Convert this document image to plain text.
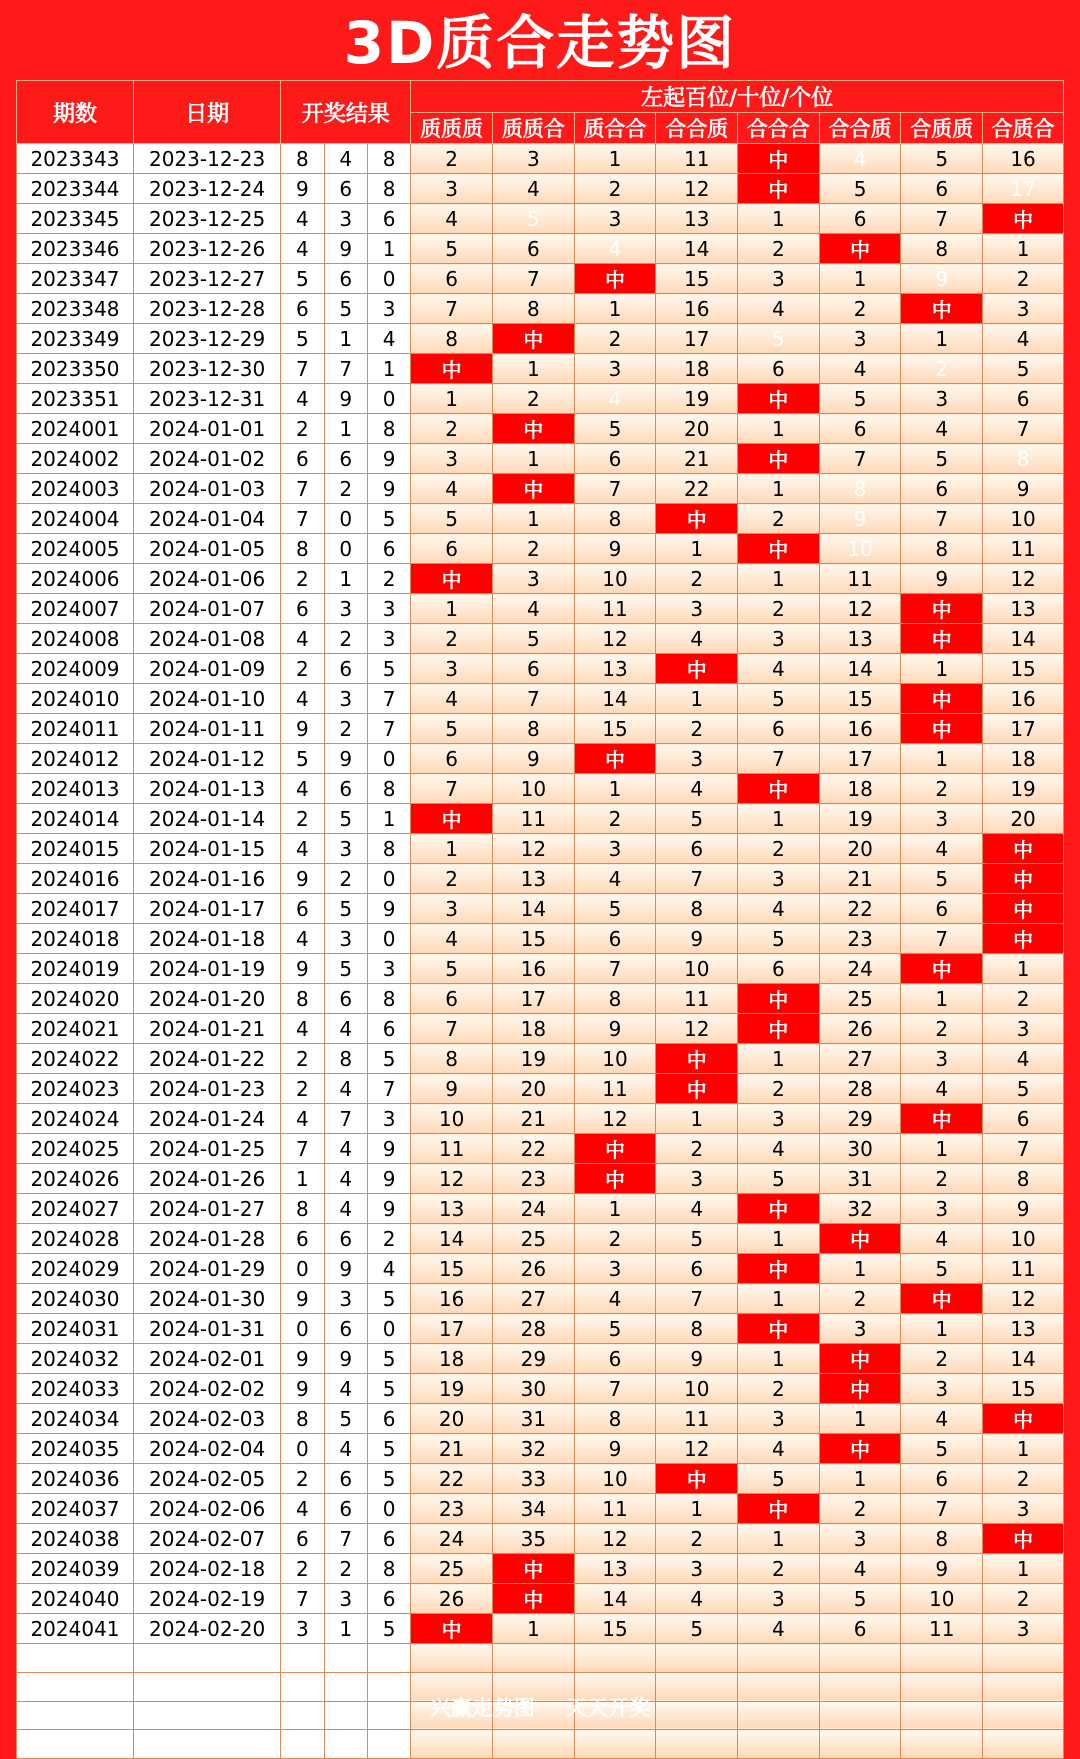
3D质合走势图
期数	日期	开奖结果			左起百位/十位/个位							
					质质质	质质合	质合合	合合质	合合合	合合质	合质质	合质合
2023343	2023-12-23	8	4	8	2	3	1	11	中	4	5	16
2023344	2023-12-24	9	6	8	3	4	2	12	中	5	6	17
2023345	2023-12-25	4	3	6	4	5	3	13	1	6	7	中
2023346	2023-12-26	4	9	1	5	6	4	14	2	中	8	1
2023347	2023-12-27	5	6	0	6	7	中	15	3	1	9	2
2023348	2023-12-28	6	5	3	7	8	1	16	4	2	中	3
2023349	2023-12-29	5	1	4	8	中	2	17	5	3	1	4
2023350	2023-12-30	7	7	1	中	1	3	18	6	4	2	5
2023351	2023-12-31	4	9	0	1	2	4	19	中	5	3	6
2024001	2024-01-01	2	1	8	2	中	5	20	1	6	4	7
2024002	2024-01-02	6	6	9	3	1	6	21	中	7	5	8
2024003	2024-01-03	7	2	9	4	中	7	22	1	8	6	9
2024004	2024-01-04	7	0	5	5	1	8	中	2	9	7	10
2024005	2024-01-05	8	0	6	6	2	9	1	中	10	8	11
2024006	2024-01-06	2	1	2	中	3	10	2	1	11	9	12
2024007	2024-01-07	6	3	3	1	4	11	3	2	12	中	13
2024008	2024-01-08	4	2	3	2	5	12	4	3	13	中	14
2024009	2024-01-09	2	6	5	3	6	13	中	4	14	1	15
2024010	2024-01-10	4	3	7	4	7	14	1	5	15	中	16
2024011	2024-01-11	9	2	7	5	8	15	2	6	16	中	17
2024012	2024-01-12	5	9	0	6	9	中	3	7	17	1	18
2024013	2024-01-13	4	6	8	7	10	1	4	中	18	2	19
2024014	2024-01-14	2	5	1	中	11	2	5	1	19	3	20
2024015	2024-01-15	4	3	8	1	12	3	6	2	20	4	中
2024016	2024-01-16	9	2	0	2	13	4	7	3	21	5	中
2024017	2024-01-17	6	5	9	3	14	5	8	4	22	6	中
2024018	2024-01-18	4	3	0	4	15	6	9	5	23	7	中
2024019	2024-01-19	9	5	3	5	16	7	10	6	24	中	1
2024020	2024-01-20	8	6	8	6	17	8	11	中	25	1	2
2024021	2024-01-21	4	4	6	7	18	9	12	中	26	2	3
2024022	2024-01-22	2	8	5	8	19	10	中	1	27	3	4
2024023	2024-01-23	2	4	7	9	20	11	中	2	28	4	5
2024024	2024-01-24	4	7	3	10	21	12	1	3	29	中	6
2024025	2024-01-25	7	4	9	11	22	中	2	4	30	1	7
2024026	2024-01-26	1	4	9	12	23	中	3	5	31	2	8
2024027	2024-01-27	8	4	9	13	24	1	4	中	32	3	9
2024028	2024-01-28	6	6	2	14	25	2	5	1	中	4	10
2024029	2024-01-29	0	9	4	15	26	3	6	中	1	5	11
2024030	2024-01-30	9	3	5	16	27	4	7	1	2	中	12
2024031	2024-01-31	0	6	0	17	28	5	8	中	3	1	13
2024032	2024-02-01	9	9	5	18	29	6	9	1	中	2	14
2024033	2024-02-02	9	4	5	19	30	7	10	2	中	3	15
2024034	2024-02-03	8	5	6	20	31	8	11	3	1	4	中
2024035	2024-02-04	0	4	5	21	32	9	12	4	中	5	1
2024036	2024-02-05	2	6	5	22	33	10	中	5	1	6	2
2024037	2024-02-06	4	6	0	23	34	11	1	中	2	7	3
2024038	2024-02-07	6	7	6	24	35	12	2	1	3	8	中
2024039	2024-02-18	2	2	8	25	中	13	3	2	4	9	1
2024040	2024-02-19	7	3	6	26	中	14	4	3	5	10	2
2024041	2024-02-20	3	1	5	中	1	15	5	4	6	11	3

兴赢走势图 天天开奖
